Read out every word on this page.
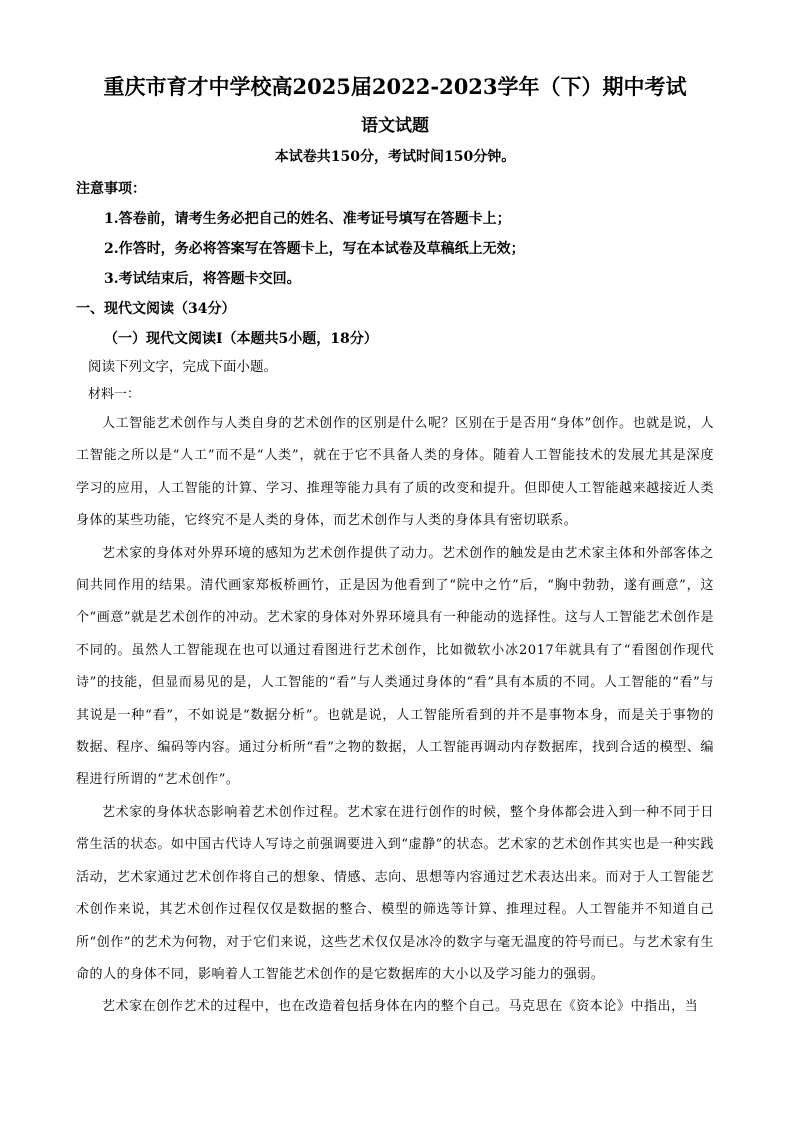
重庆市育才中学校高2025届2022-2023学年（下）期中考试
语文试题
本试卷共150分，考试时间150分钟。
注意事项：
1.答卷前，请考生务必把自己的姓名、准考证号填写在答题卡上；
2.作答时，务必将答案写在答题卡上，写在本试卷及草稿纸上无效；
3.考试结束后，将答题卡交回。
一、现代文阅读（34分）
（一）现代文阅读I（本题共5小题，18分）
阅读下列文字，完成下面小题。
材料一：
人工智能艺术创作与人类自身的艺术创作的区别是什么呢？区别在于是否用“身体”创作。也就是说，人工智能之所以是“人工”而不是“人类”，就在于它不具备人类的身体。随着人工智能技术的发展尤其是深度学习的应用，人工智能的计算、学习、推理等能力具有了质的改变和提升。但即使人工智能越来越接近人类身体的某些功能，它终究不是人类的身体，而艺术创作与人类的身体具有密切联系。
艺术家的身体对外界环境的感知为艺术创作提供了动力。艺术创作的触发是由艺术家主体和外部客体之间共同作用的结果。清代画家郑板桥画竹，正是因为他看到了“院中之竹”后，“胸中勃勃，遂有画意”，这个“画意”就是艺术创作的冲动。艺术家的身体对外界环境具有一种能动的选择性。这与人工智能艺术创作是不同的。虽然人工智能现在也可以通过看图进行艺术创作，比如微软小冰2017年就具有了“看图创作现代诗”的技能，但显而易见的是，人工智能的“看”与人类通过身体的“看”具有本质的不同。人工智能的“看”与其说是一种“看”，不如说是“数据分析”。也就是说，人工智能所看到的并不是事物本身，而是关于事物的数据、程序、编码等内容。通过分析所“看”之物的数据，人工智能再调动内存数据库，找到合适的模型、编程进行所谓的“艺术创作”。
艺术家的身体状态影响着艺术创作过程。艺术家在进行创作的时候，整个身体都会进入到一种不同于日常生活的状态。如中国古代诗人写诗之前强调要进入到“虚静”的状态。艺术家的艺术创作其实也是一种实践活动，艺术家通过艺术创作将自己的想象、情感、志向、思想等内容通过艺术表达出来。而对于人工智能艺术创作来说，其艺术创作过程仅仅是数据的整合、模型的筛选等计算、推理过程。人工智能并不知道自己所“创作”的艺术为何物，对于它们来说，这些艺术仅仅是冰冷的数字与毫无温度的符号而已。与艺术家有生命的人的身体不同，影响着人工智能艺术创作的是它数据库的大小以及学习能力的强弱。
艺术家在创作艺术的过程中，也在改造着包括身体在内的整个自己。马克思在《资本论》中指出，当
